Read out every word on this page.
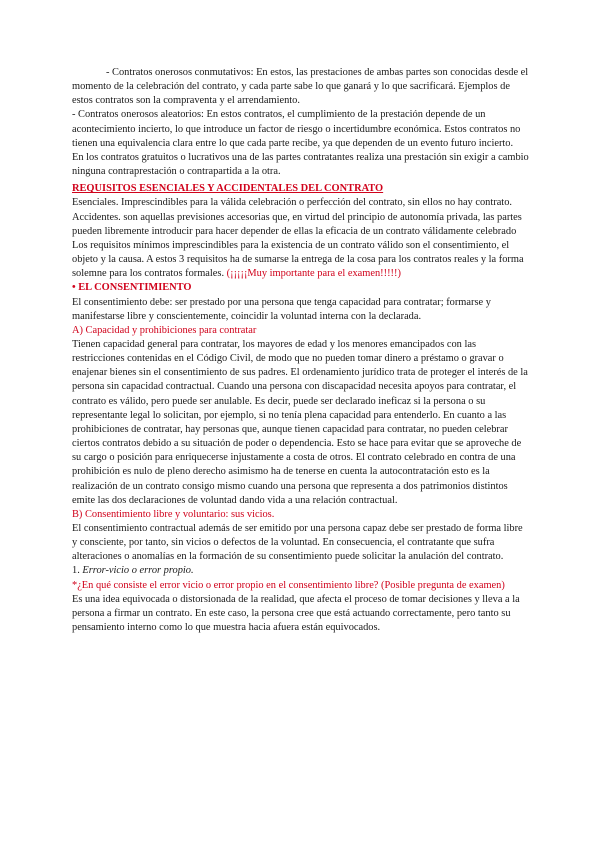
- Contratos onerosos conmutativos: En estos, las prestaciones de ambas partes son conocidas desde el momento de la celebración del contrato, y cada parte sabe lo que ganará y lo que sacrificará. Ejemplos de estos contratos son la compraventa y el arrendamiento.

- Contratos onerosos aleatorios: En estos contratos, el cumplimiento de la prestación depende de un acontecimiento incierto, lo que introduce un factor de riesgo o incertidumbre económica. Estos contratos no tienen una equivalencia clara entre lo que cada parte recibe, ya que dependen de un evento futuro incierto.

En los contratos gratuitos o lucrativos una de las partes contratantes realiza una prestación sin exigir a cambio ninguna contraprestación o contrapartida a la otra.

REQUISITOS ESENCIALES Y ACCIDENTALES DEL CONTRATO

Esenciales. Imprescindibles para la válida celebración o perfección del contrato, sin ellos no hay contrato.

Accidentes. son aquellas previsiones accesorias que, en virtud del principio de autonomía privada, las partes pueden libremente introducir para hacer depender de ellas la eficacia de un contrato válidamente celebrado

Los requisitos mínimos imprescindibles para la existencia de un contrato válido son el consentimiento, el objeto y la causa. A estos 3 requisitos ha de sumarse la entrega de la cosa para los contratos reales y la forma solemne para los contratos formales. (¡¡¡¡¡Muy importante para el examen!!!!!)

• EL CONSENTIMIENTO

El consentimiento debe: ser prestado por una persona que tenga capacidad para contratar; formarse y manifestarse libre y conscientemente, coincidir la voluntad interna con la declarada.

A) Capacidad y prohibiciones para contratar

Tienen capacidad general para contratar, los mayores de edad y los menores emancipados con las restricciones contenidas en el Código Civil, de modo que no pueden tomar dinero a préstamo o gravar o enajenar bienes sin el consentimiento de sus padres. El ordenamiento jurídico trata de proteger el interés de la persona sin capacidad contractual. Cuando una persona con discapacidad necesita apoyos para contratar, el contrato es válido, pero puede ser anulable. Es decir, puede ser declarado ineficaz si la persona o su representante legal lo solicitan, por ejemplo, si no tenía plena capacidad para entenderlo. En cuanto a las prohibiciones de contratar, hay personas que, aunque tienen capacidad para contratar, no pueden celebrar ciertos contratos debido a su situación de poder o dependencia. Esto se hace para evitar que se aproveche de su cargo o posición para enriquecerse injustamente a costa de otros. El contrato celebrado en contra de una prohibición es nulo de pleno derecho asimismo ha de tenerse en cuenta la autocontratación esto es la realización de un contrato consigo mismo cuando una persona que representa a dos patrimonios distintos emite las dos declaraciones de voluntad dando vida a una relación contractual.

B) Consentimiento libre y voluntario: sus vicios.

El consentimiento contractual además de ser emitido por una persona capaz debe ser prestado de forma libre y consciente, por tanto, sin vicios o defectos de la voluntad. En consecuencia, el contratante que sufra alteraciones o anomalías en la formación de su consentimiento puede solicitar la anulación del contrato.

1. Error-vicio o error propio.

*¿En qué consiste el error vicio o error propio en el consentimiento libre? (Posible pregunta de examen)

Es una idea equivocada o distorsionada de la realidad, que afecta el proceso de tomar decisiones y lleva a la persona a firmar un contrato. En este caso, la persona cree que está actuando correctamente, pero tanto su pensamiento interno como lo que muestra hacia afuera están equivocados.
